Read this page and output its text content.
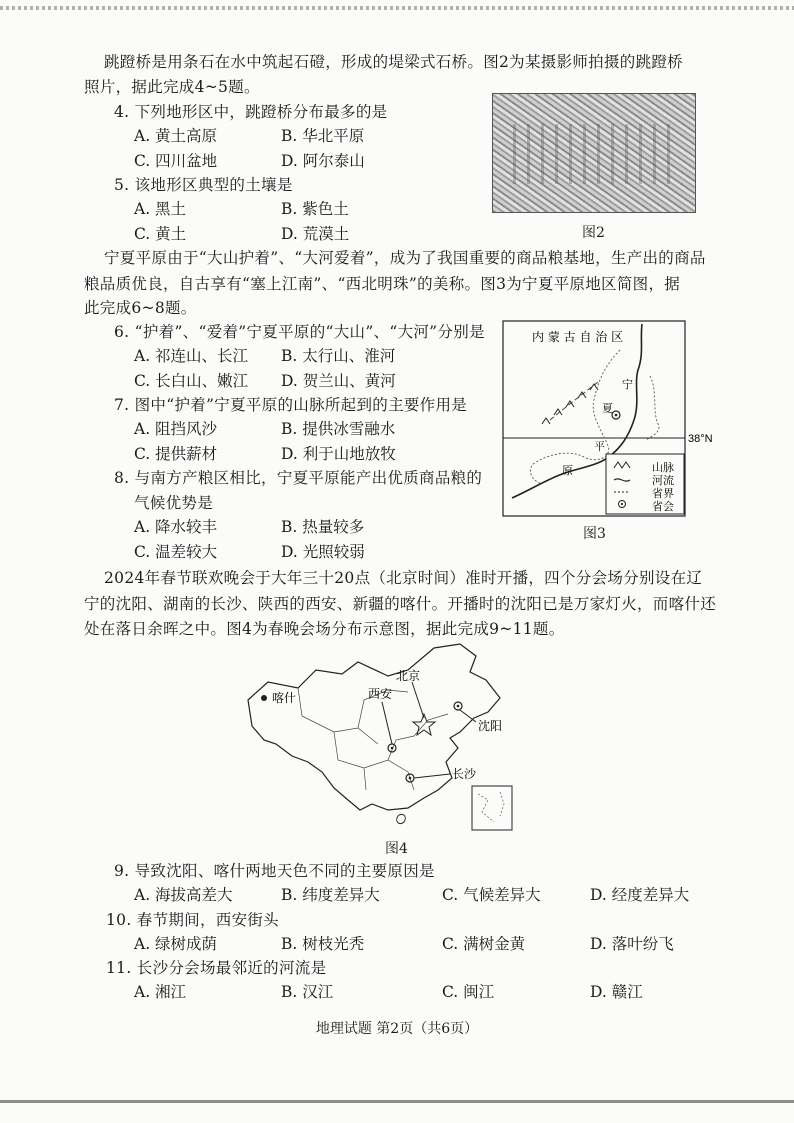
跳蹬桥是用条石在水中筑起石磴，形成的堤梁式石桥。图2为某摄影师拍摄的跳蹬桥
照片，据此完成4~5题。
4. 下列地形区中，跳蹬桥分布最多的是
A. 黄土高原	B. 华北平原
C. 四川盆地	D. 阿尔泰山
5. 该地形区典型的土壤是
A. 黑土	B. 紫色土
C. 黄土	D. 荒漠土	图2
宁夏平原由于“大山护着”、“大河爱着”，成为了我国重要的商品粮基地，生产出的商品
粮品质优良，自古享有“塞上江南”、“西北明珠”的美称。图3为宁夏平原地区简图，据
此完成6~8题。
6. “护着”、“爱着”宁夏平原的“大山”、“大河”分别是
A. 祁连山、长江 B. 太行山、淮河
C. 长白山、嫩江 D. 贺兰山、黄河
7. 图中“护着”宁夏平原的山脉所起到的主要作用是
A. 阻挡风沙	B. 提供冰雪融水
C. 提供薪材	D. 利于山地放牧
8. 与南方产粮区相比，宁夏平原能产出优质商品粮的
气候优势是
A. 降水较丰	B. 热量较多
C. 温差较大	D. 光照较弱
38°N
内 蒙 古 自 治 区
夏
宁
平
原	山脉
河流
省界
省会
图3
2024年春节联欢晚会于大年三十20点（北京时间）准时开播，四个分会场分别设在辽
宁的沈阳、湖南的长沙、陕西的西安、新疆的喀什。开播时的沈阳已是万家灯火，而喀什还
处在落日余晖之中。图4为春晚会场分布示意图，据此完成9~11题。
喀什
北京
西安
沈阳
长沙
图4
9. 导致沈阳、喀什两地天色不同的主要原因是
A. 海拔高差大	B. 纬度差异大	C. 气候差异大	D. 经度差异大
10. 春节期间，西安街头
A. 绿树成荫	B. 树枝光秃	C. 满树金黄	D. 落叶纷飞
11. 长沙分会场最邻近的河流是
A. 湘江	B. 汉江	C. 闽江	D. 赣江
地理试题 第2页（共6页）
